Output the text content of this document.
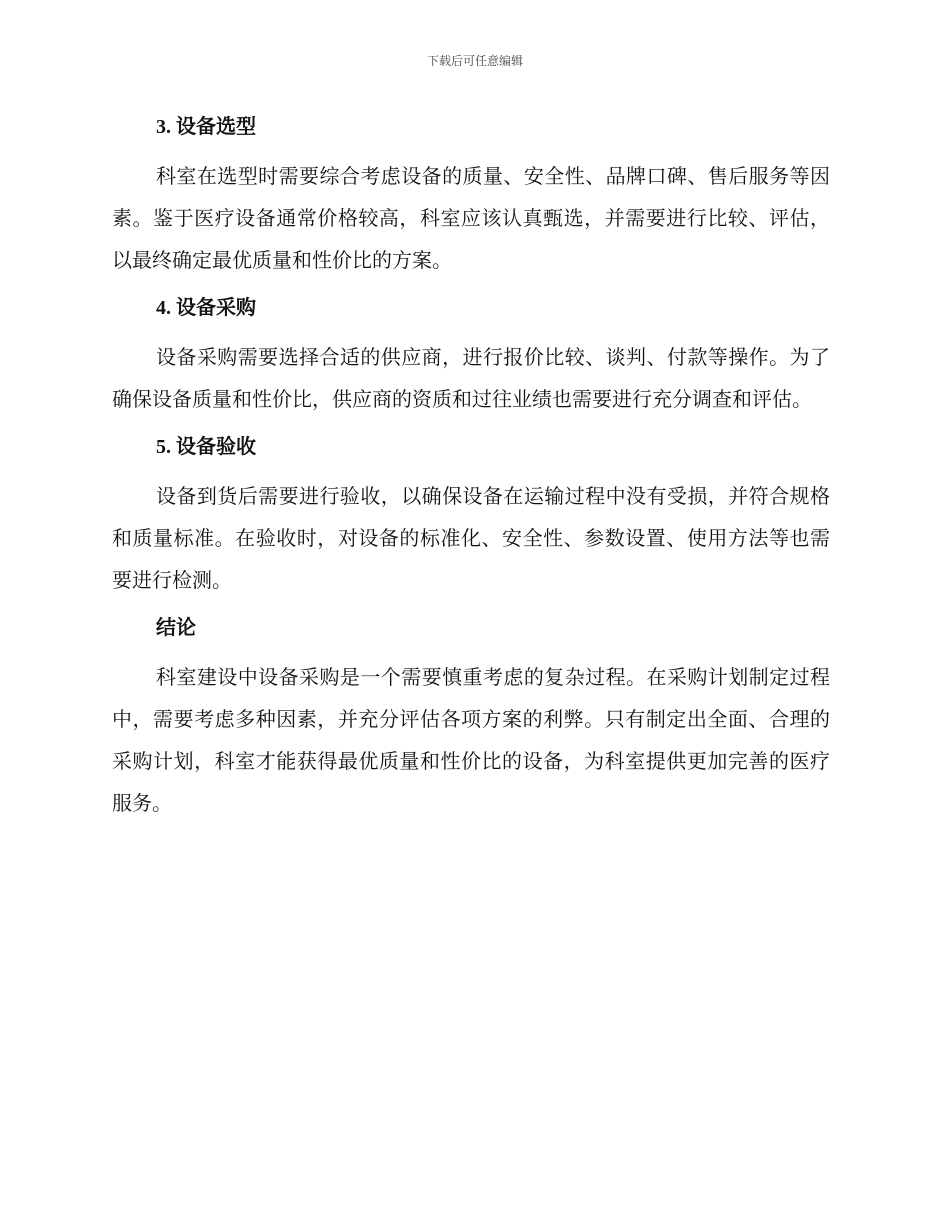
下载后可任意编辑
3. 设备选型

科室在选型时需要综合考虑设备的质量、安全性、品牌口碑、售后服务等因素。鉴于医疗设备通常价格较高，科室应该认真甄选，并需要进行比较、评估，以最终确定最优质量和性价比的方案。

4. 设备采购

设备采购需要选择合适的供应商，进行报价比较、谈判、付款等操作。为了确保设备质量和性价比，供应商的资质和过往业绩也需要进行充分调查和评估。

5. 设备验收

设备到货后需要进行验收，以确保设备在运输过程中没有受损，并符合规格和质量标准。在验收时，对设备的标准化、安全性、参数设置、使用方法等也需要进行检测。

结论

科室建设中设备采购是一个需要慎重考虑的复杂过程。在采购计划制定过程中，需要考虑多种因素，并充分评估各项方案的利弊。只有制定出全面、合理的采购计划，科室才能获得最优质量和性价比的设备，为科室提供更加完善的医疗服务。
